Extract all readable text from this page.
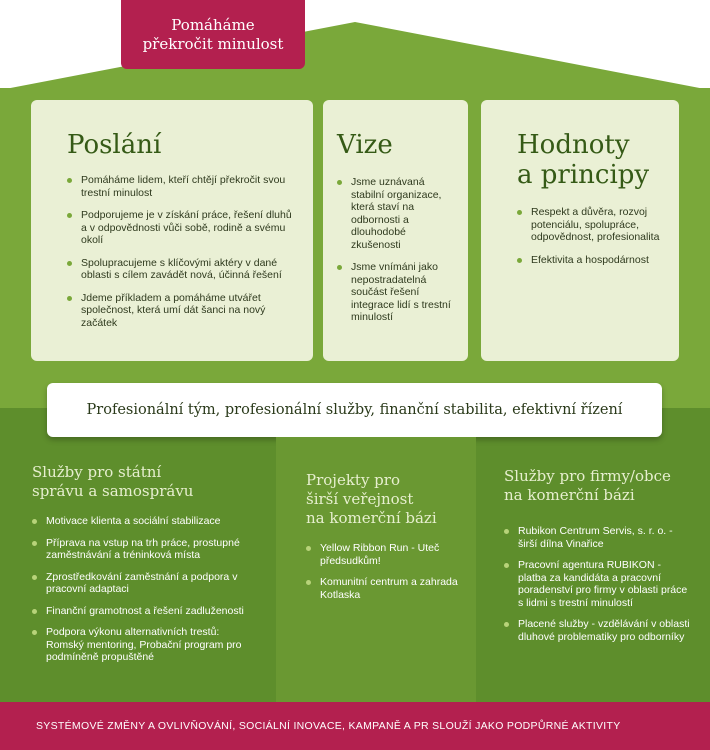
Pomáháme
překročit minulost
Poslání
Pomáháme lidem, kteří chtějí překročit svou trestní minulost
Podporujeme je v získání práce, řešení dluhů a v odpovědnosti vůči sobě, rodině a svému okolí
Spolupracujeme s klíčovými aktéry v dané oblasti s cílem zavádět nová, účinná řešení
Jdeme příkladem a pomáháme utvářet společnost, která umí dát šanci na nový začátek
Vize
Jsme uznávaná stabilní organizace, která staví na odbornosti a dlouhodobé zkušenosti
Jsme vnímáni jako nepostradatelná součást řešení integrace lidí s trestní minulostí
Hodnoty
a principy
Respekt a důvěra, rozvoj potenciálu, spolupráce, odpovědnost, profesionalita
Efektivita a hospodárnost
Profesionální tým, profesionální služby, finanční stabilita, efektivní řízení
Služby pro státní
správu a samosprávu
Motivace klienta a sociální stabilizace
Příprava na vstup na trh práce, prostupné zaměstnávání a tréninková místa
Zprostředkování zaměstnání a podpora v pracovní adaptaci
Finanční gramotnost a řešení zadluženosti
Podpora výkonu alternativních trestů: Romský mentoring, Probační program pro podmíněně propuštěné
Projekty pro
širší veřejnost
na komerční bázi
Yellow Ribbon Run - Uteč předsudkům!
Komunitní centrum a zahrada Kotlaska
Služby pro firmy/obce
na komerční bázi
Rubikon Centrum Servis, s. r. o. - širší dílna Vinařice
Pracovní agentura RUBIKON - platba za kandidáta a pracovní poradenství pro firmy v oblasti práce s lidmi s trestní minulostí
Placené služby - vzdělávání v oblasti dluhové problematiky pro odborníky
SYSTÉMOVÉ ZMĚNY A OVLIVŇOVÁNÍ, SOCIÁLNÍ INOVACE, KAMPANĚ A PR SLOUŽÍ JAKO PODPŮRNÉ AKTIVITY
